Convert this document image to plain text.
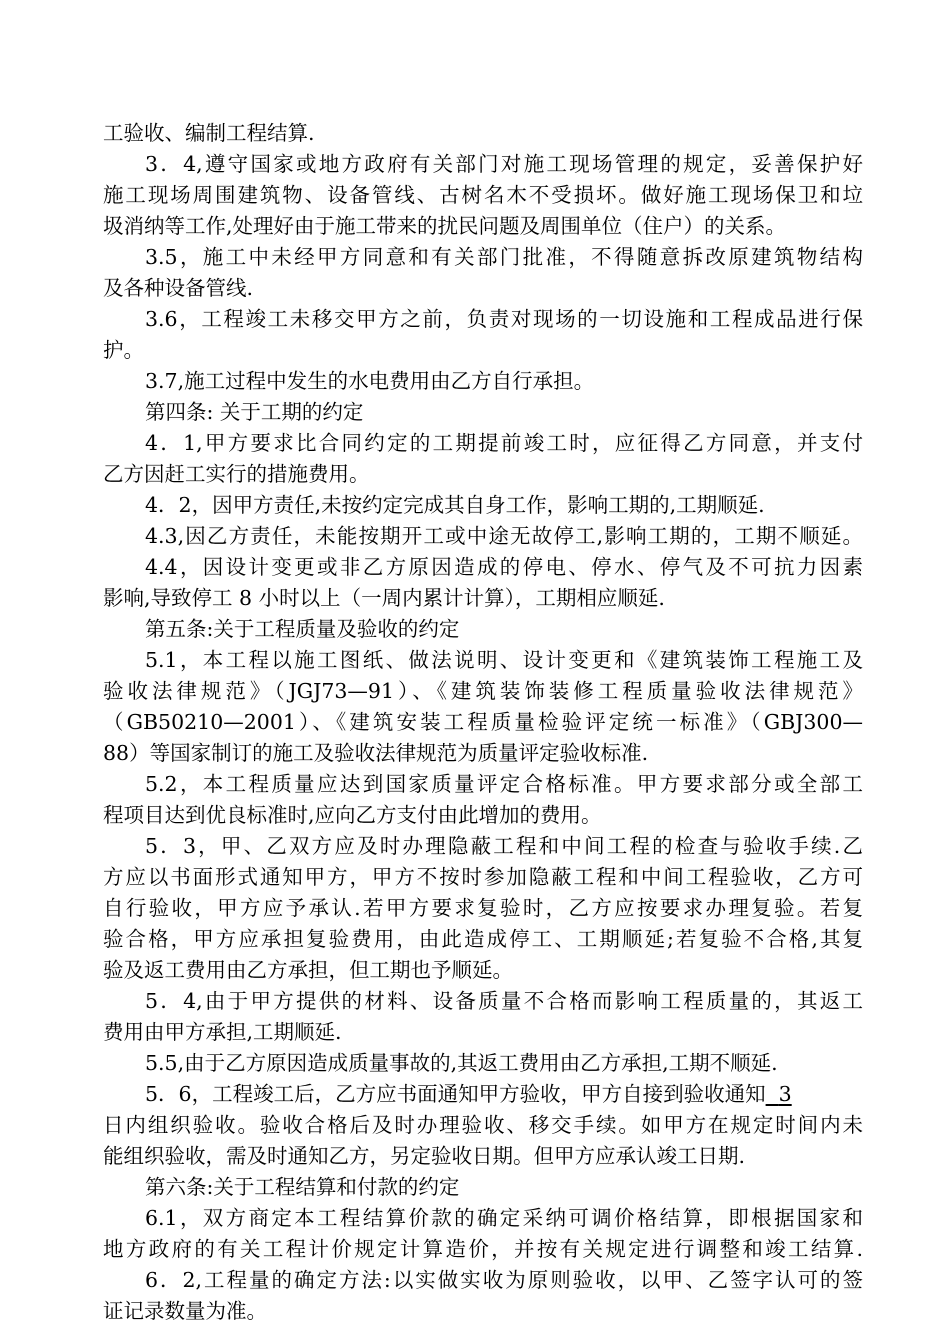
工验收、编制工程结算.
3．4,遵守国家或地方政府有关部门对施工现场管理的规定，妥善保护好
施工现场周围建筑物、设备管线、古树名木不受损坏。做好施工现场保卫和垃
圾消纳等工作,处理好由于施工带来的扰民问题及周围单位（住户）的关系。
3.5，施工中未经甲方同意和有关部门批准，不得随意拆改原建筑物结构
及各种设备管线.
3.6，工程竣工未移交甲方之前，负责对现场的一切设施和工程成品进行保
护。
3.7,施工过程中发生的水电费用由乙方自行承担。
第四条: 关于工期的约定
4．1,甲方要求比合同约定的工期提前竣工时，应征得乙方同意，并支付
乙方因赶工实行的措施费用。
4．2，因甲方责任,未按约定完成其自身工作，影响工期的,工期顺延.
4.3,因乙方责任，未能按期开工或中途无故停工,影响工期的，工期不顺延。
4.4，因设计变更或非乙方原因造成的停电、停水、停气及不可抗力因素
影响,导致停工 8 小时以上（一周内累计计算），工期相应顺延.
第五条:关于工程质量及验收的约定
5.1，本工程以施工图纸、做法说明、设计变更和《建筑装饰工程施工及
验收法律规范》（JGJ73—91）、《建筑装饰装修工程质量验收法律规范》
（GB50210—2001）、《建筑安装工程质量检验评定统一标准》（GBJ300—
88）等国家制订的施工及验收法律规范为质量评定验收标准.
5.2，本工程质量应达到国家质量评定合格标准。甲方要求部分或全部工
程项目达到优良标准时,应向乙方支付由此增加的费用。
5．3，甲、乙双方应及时办理隐蔽工程和中间工程的检查与验收手续.乙
方应以书面形式通知甲方，甲方不按时参加隐蔽工程和中间工程验收，乙方可
自行验收，甲方应予承认.若甲方要求复验时，乙方应按要求办理复验。若复
验合格，甲方应承担复验费用，由此造成停工、工期顺延;若复验不合格,其复
验及返工费用由乙方承担，但工期也予顺延。
5．4,由于甲方提供的材料、设备质量不合格而影响工程质量的，其返工
费用由甲方承担,工期顺延.
5.5,由于乙方原因造成质量事故的,其返工费用由乙方承担,工期不顺延.
5．6，工程竣工后，乙方应书面通知甲方验收，甲方自接到验收通知 3
日内组织验收。验收合格后及时办理验收、移交手续。如甲方在规定时间内未
能组织验收，需及时通知乙方，另定验收日期。但甲方应承认竣工日期.
第六条:关于工程结算和付款的约定
6.1，双方商定本工程结算价款的确定采纳可调价格结算，即根据国家和
地方政府的有关工程计价规定计算造价，并按有关规定进行调整和竣工结算.
6．2,工程量的确定方法:以实做实收为原则验收，以甲、乙签字认可的签
证记录数量为准。
